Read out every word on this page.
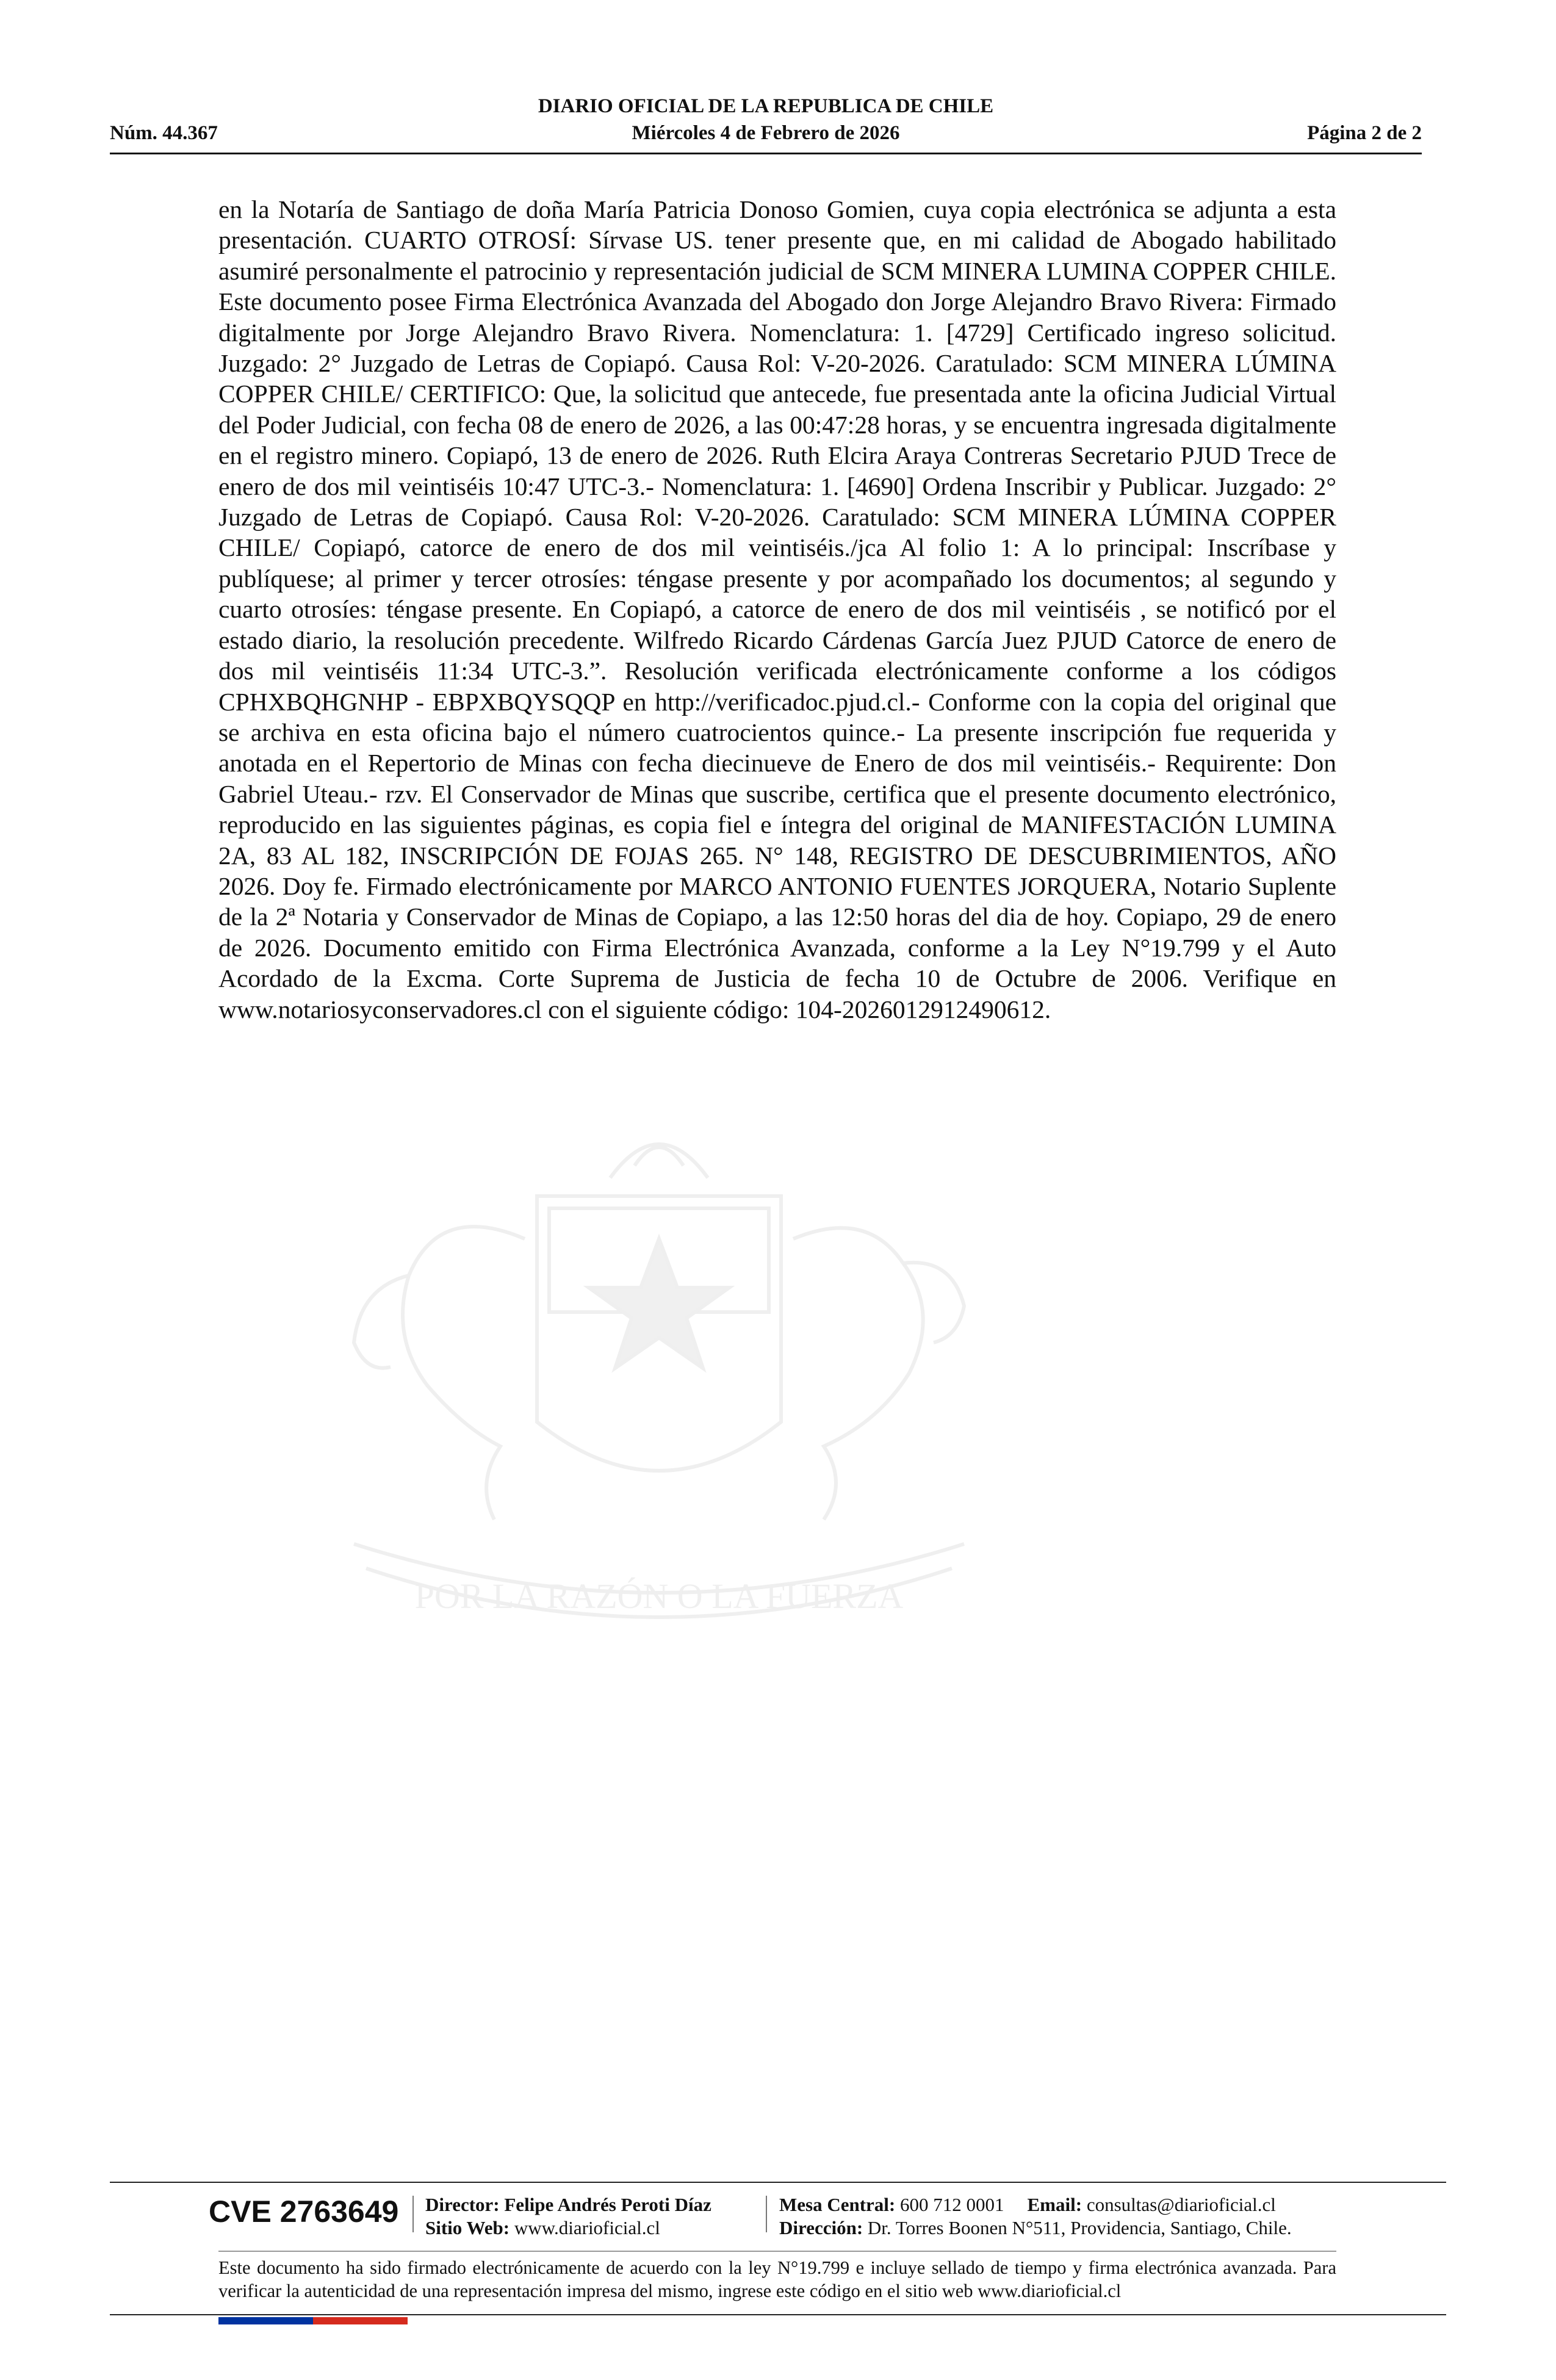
DIARIO OFICIAL DE LA REPUBLICA DE CHILE
Núm. 44.367	Miércoles 4 de Febrero de 2026	Página 2 de 2
POR LA RAZÓN O LA FUERZA

en la Notaría de Santiago de doña María Patricia Donoso Gomien, cuya copia electrónica se adjunta a esta presentación. CUARTO OTROSÍ: Sírvase US. tener presente que, en mi calidad de Abogado habilitado asumiré personalmente el patrocinio y representación judicial de SCM MINERA LUMINA COPPER CHILE. Este documento posee Firma Electrónica Avanzada del Abogado don Jorge Alejandro Bravo Rivera: Firmado digitalmente por Jorge Alejandro Bravo Rivera. Nomenclatura: 1. [4729] Certificado ingreso solicitud. Juzgado: 2° Juzgado de Letras de Copiapó. Causa Rol: V-20-2026. Caratulado: SCM MINERA LÚMINA COPPER CHILE/ CERTIFICO: Que, la solicitud que antecede, fue presentada ante la oficina Judicial Virtual del Poder Judicial, con fecha 08 de enero de 2026, a las 00:47:28 horas, y se encuentra ingresada digitalmente en el registro minero. Copiapó, 13 de enero de 2026. Ruth Elcira Araya Contreras Secretario PJUD Trece de enero de dos mil veintiséis 10:47 UTC-3.- Nomenclatura: 1. [4690] Ordena Inscribir y Publicar. Juzgado: 2° Juzgado de Letras de Copiapó. Causa Rol: V-20-2026. Caratulado: SCM MINERA LÚMINA COPPER CHILE/ Copiapó, catorce de enero de dos mil veintiséis./jca Al folio 1: A lo principal: Inscríbase y publíquese; al primer y tercer otrosíes: téngase presente y por acompañado los documentos; al segundo y cuarto otrosíes: téngase presente. En Copiapó, a catorce de enero de dos mil veintiséis , se notificó por el estado diario, la resolución precedente. Wilfredo Ricardo Cárdenas García Juez PJUD Catorce de enero de dos mil veintiséis 11:34 UTC-3.”. Resolución verificada electrónicamente conforme a los códigos CPHXBQHGNHP - EBPXBQYSQQP en http://verificadoc.pjud.cl.- Conforme con la copia del original que se archiva en esta oficina bajo el número cuatrocientos quince.- La presente inscripción fue requerida y anotada en el Repertorio de Minas con fecha diecinueve de Enero de dos mil veintiséis.- Requirente: Don Gabriel Uteau.- rzv. El Conservador de Minas que suscribe, certifica que el presente documento electrónico, reproducido en las siguientes páginas, es copia fiel e íntegra del original de MANIFESTACIÓN LUMINA 2A, 83 AL 182, INSCRIPCIÓN DE FOJAS 265. N° 148, REGISTRO DE DESCUBRIMIENTOS, AÑO 2026. Doy fe. Firmado electrónicamente por MARCO ANTONIO FUENTES JORQUERA, Notario Suplente de la 2ª Notaria y Conservador de Minas de Copiapo, a las 12:50 horas del dia de hoy. Copiapo, 29 de enero de 2026. Documento emitido con Firma Electrónica Avanzada, conforme a la Ley N°19.799 y el Auto Acordado de la Excma. Corte Suprema de Justicia de fecha 10 de Octubre de 2006. Verifique en www.notariosyconservadores.cl con el siguiente código: 104-2026012912490612.

CVE 2763649 Director: Felipe Andrés Peroti Díaz
Sitio Web: www.diarioficial.cl
Mesa Central: 600 712 0001 Email: consultas@diarioficial.cl
Dirección: Dr. Torres Boonen N°511, Providencia, Santiago, Chile.
Este documento ha sido firmado electrónicamente de acuerdo con la ley N°19.799 e incluye sellado de tiempo y firma electrónica avanzada. Para verificar la autenticidad de una representación impresa del mismo, ingrese este código en el sitio web www.diarioficial.cl
